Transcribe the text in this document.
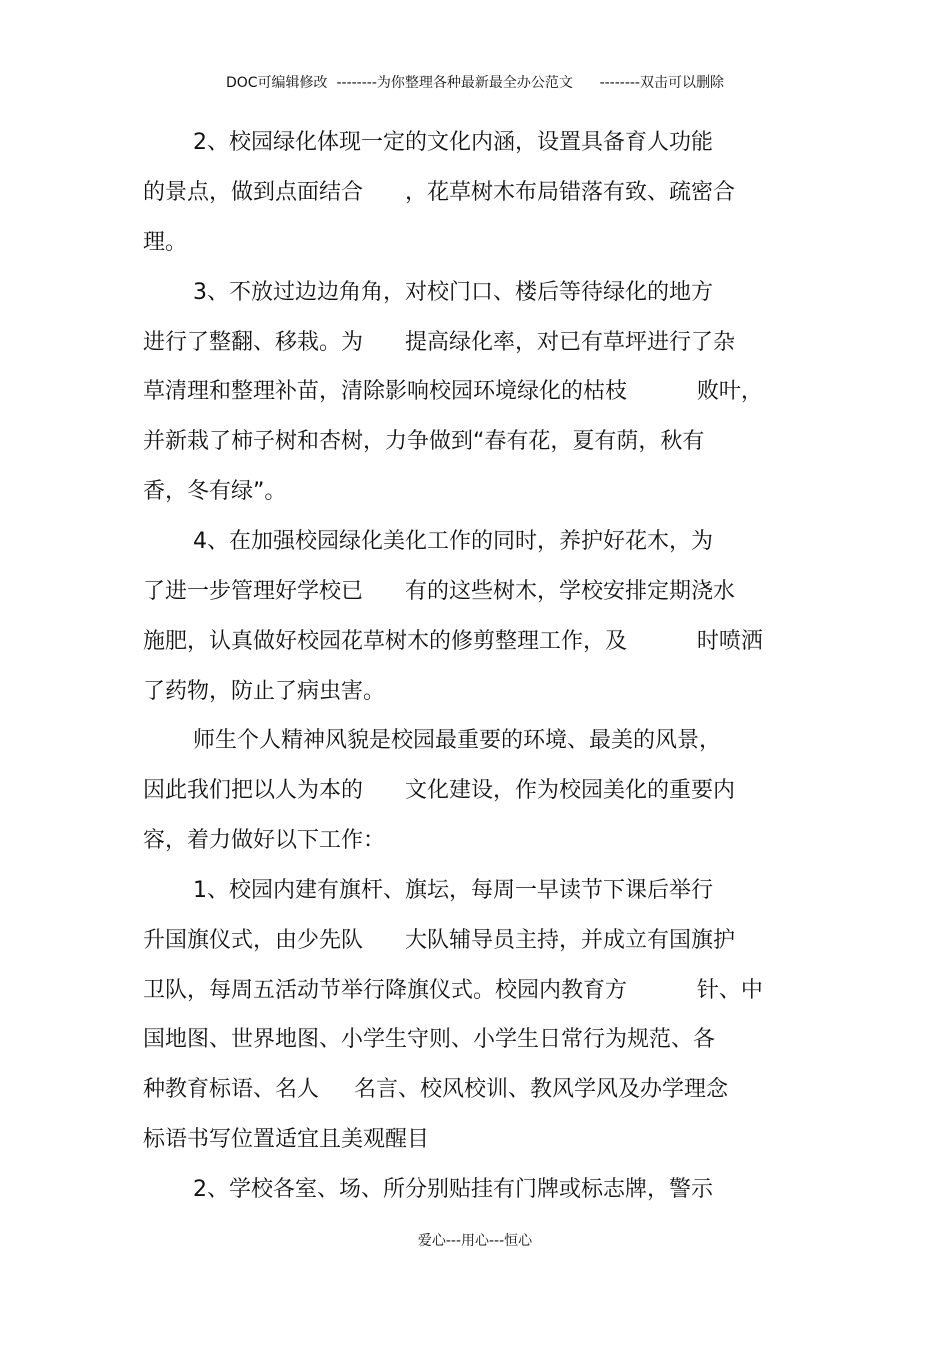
DOC可编辑修改  --------为你整理各种最新最全办公范文      --------双击可以删除
2、校园绿化体现一定的文化内涵，设置具备育人功能
的景点，做到点面结合      ，花草树木布局错落有致、疏密合
理。
3、不放过边边角角，对校门口、楼后等待绿化的地方
进行了整翻、移栽。为      提高绿化率，对已有草坪进行了杂
草清理和整理补苗，清除影响校园环境绿化的枯枝          败叶，
并新栽了柿子树和杏树，力争做到“春有花，夏有荫，秋有
香，冬有绿”。
4、在加强校园绿化美化工作的同时，养护好花木，为
了进一步管理好学校已      有的这些树木，学校安排定期浇水
施肥，认真做好校园花草树木的修剪整理工作，及          时喷洒
了药物，防止了病虫害。
师生个人精神风貌是校园最重要的环境、最美的风景，
因此我们把以人为本的      文化建设，作为校园美化的重要内
容，着力做好以下工作：
1、校园内建有旗杆、旗坛，每周一早读节下课后举行
升国旗仪式，由少先队      大队辅导员主持，并成立有国旗护
卫队，每周五活动节举行降旗仪式。校园内教育方          针、中
国地图、世界地图、小学生守则、小学生日常行为规范、各
种教育标语、名人     名言、校风校训、教风学风及办学理念
标语书写位置适宜且美观醒目
2、学校各室、场、所分别贴挂有门牌或标志牌，警示
爱心---用心---恒心
